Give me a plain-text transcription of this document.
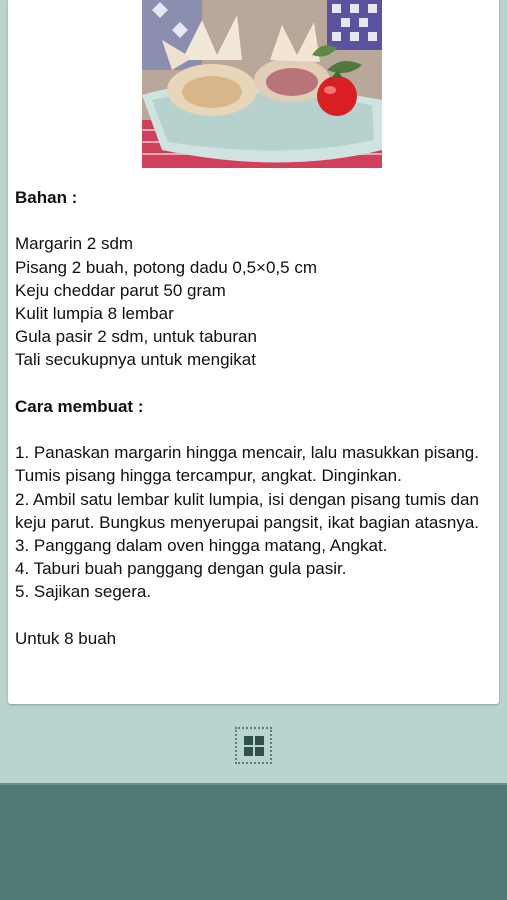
Bahan :

Margarin 2 sdm

Pisang 2 buah, potong dadu 0,5×0,5 cm

Keju cheddar parut 50 gram

Kulit lumpia 8 lembar

Gula pasir 2 sdm, untuk taburan

Tali secukupnya untuk mengikat

Cara membuat :

1. Panaskan margarin hingga mencair, lalu masukkan pisang. Tumis pisang hingga tercampur, angkat. Dinginkan.

2. Ambil satu lembar kulit lumpia, isi dengan pisang tumis dan keju parut. Bungkus menyerupai pangsit, ikat bagian atasnya.

3. Panggang dalam oven hingga matang, Angkat.

4. Taburi buah panggang dengan gula pasir.

5. Sajikan segera.

Untuk 8 buah
